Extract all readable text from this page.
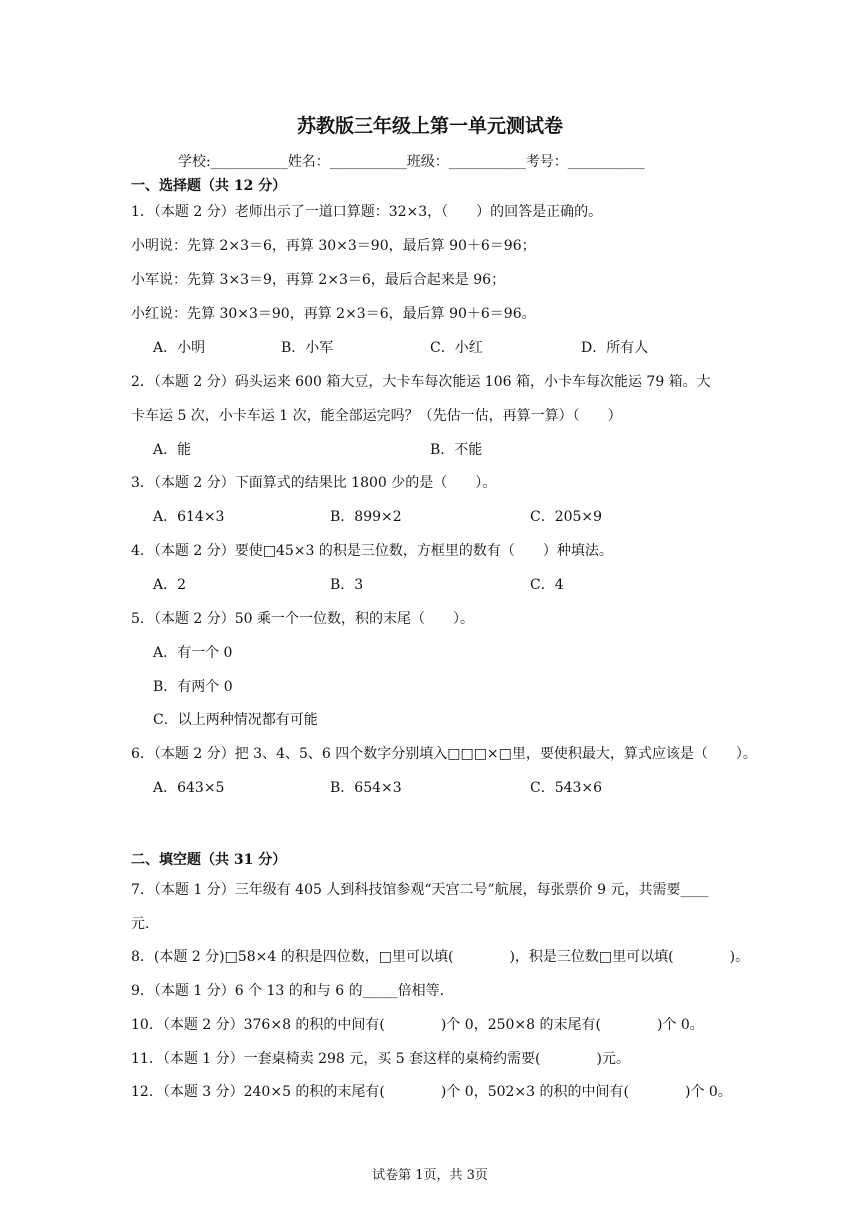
苏教版三年级上第一单元测试卷
学校:___________姓名：___________班级：___________考号：___________
一、选择题（共 12 分）
1．（本题 2 分）老师出示了一道口算题：32×3，（　　）的回答是正确的。
小明说：先算 2×3＝6，再算 30×3＝90，最后算 90＋6＝96；
小军说：先算 3×3＝9，再算 2×3＝6，最后合起来是 96；
小红说：先算 30×3＝90，再算 2×3＝6，最后算 90＋6＝96。
A．小明	B．小军	C．小红	D．所有人
2．（本题 2 分）码头运来 600 箱大豆，大卡车每次能运 106 箱，小卡车每次能运 79 箱。大
卡车运 5 次，小卡车运 1 次，能全部运完吗？（先估一估，再算一算）（　　）
A．能	B．不能
3．（本题 2 分）下面算式的结果比 1800 少的是（　　）。
A．614×3	B．899×2	C．205×9
4．（本题 2 分）要使□45×3 的积是三位数，方框里的数有（　　）种填法。
A．2	B．3	C．4
5．（本题 2 分）50 乘一个一位数，积的末尾（　　）。
A．有一个 0
B．有两个 0
C．以上两种情况都有可能
6．（本题 2 分）把 3、4、5、6 四个数字分别填入□□□×□里，要使积最大，算式应该是（　　）。
A．643×5	B．654×3	C．543×6
二、填空题（共 31 分）
7．（本题 1 分）三年级有 405 人到科技馆参观“天宫二号”航展，每张票价 9 元，共需要____
元．
8．(本题 2 分)□58×4 的积是四位数，□里可以填(　　　　)，积是三位数□里可以填(　　　　)。
9．（本题 1 分）6 个 13 的和与 6 的_____倍相等．
10．（本题 2 分）376×8 的积的中间有(　　　　)个 0，250×8 的末尾有(　　　　)个 0。
11．（本题 1 分）一套桌椅卖 298 元，买 5 套这样的桌椅约需要(　　　　)元。
12．（本题 3 分）240×5 的积的末尾有(　　　　)个 0，502×3 的积的中间有(　　　　)个 0。
试卷第 1页，共 3页
